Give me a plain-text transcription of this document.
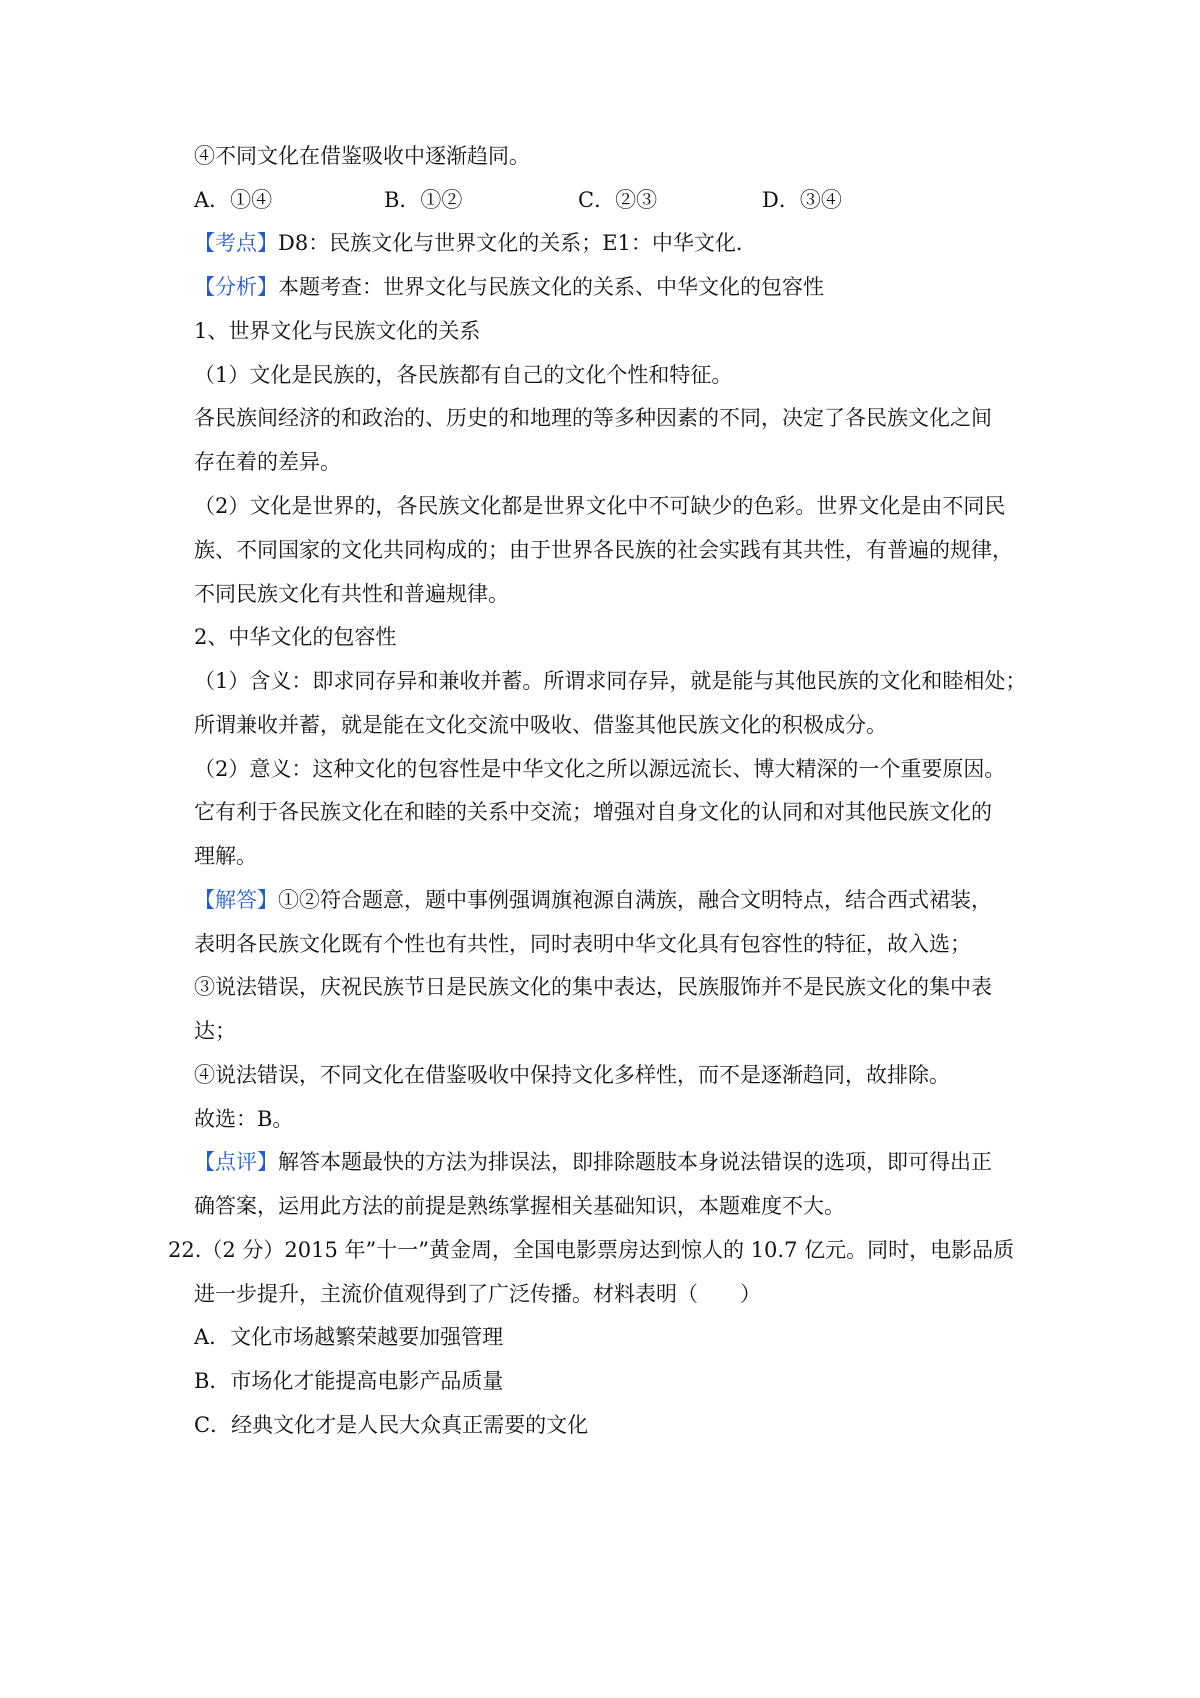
④不同文化在借鉴吸收中逐渐趋同。
A．①④	B．①②	C．②③	D．③④
【考点】D8：民族文化与世界文化的关系；E1：中华文化．
【分析】本题考查：世界文化与民族文化的关系、中华文化的包容性
1、世界文化与民族文化的关系
（1）文化是民族的，各民族都有自己的文化个性和特征。
各民族间经济的和政治的、历史的和地理的等多种因素的不同，决定了各民族文化之间
存在着的差异。
（2）文化是世界的，各民族文化都是世界文化中不可缺少的色彩。世界文化是由不同民
族、不同国家的文化共同构成的；由于世界各民族的社会实践有其共性，有普遍的规律，
不同民族文化有共性和普遍规律。
2、中华文化的包容性
（1）含义：即求同存异和兼收并蓄。所谓求同存异，就是能与其他民族的文化和睦相处；
所谓兼收并蓄，就是能在文化交流中吸收、借鉴其他民族文化的积极成分。
（2）意义：这种文化的包容性是中华文化之所以源远流长、博大精深的一个重要原因。
它有利于各民族文化在和睦的关系中交流；增强对自身文化的认同和对其他民族文化的
理解。
【解答】①②符合题意，题中事例强调旗袍源自满族，融合文明特点，结合西式裙装，
表明各民族文化既有个性也有共性，同时表明中华文化具有包容性的特征，故入选；
③说法错误，庆祝民族节日是民族文化的集中表达，民族服饰并不是民族文化的集中表
达；
④说法错误，不同文化在借鉴吸收中保持文化多样性，而不是逐渐趋同，故排除。
故选：B。
【点评】解答本题最快的方法为排误法，即排除题肢本身说法错误的选项，即可得出正
确答案，运用此方法的前提是熟练掌握相关基础知识，本题难度不大。
22.（2 分）2015 年”十一”黄金周，全国电影票房达到惊人的 10.7 亿元。同时，电影品质
进一步提升，主流价值观得到了广泛传播。材料表明（　　）
A．文化市场越繁荣越要加强管理
B．市场化才能提高电影产品质量
C．经典文化才是人民大众真正需要的文化
